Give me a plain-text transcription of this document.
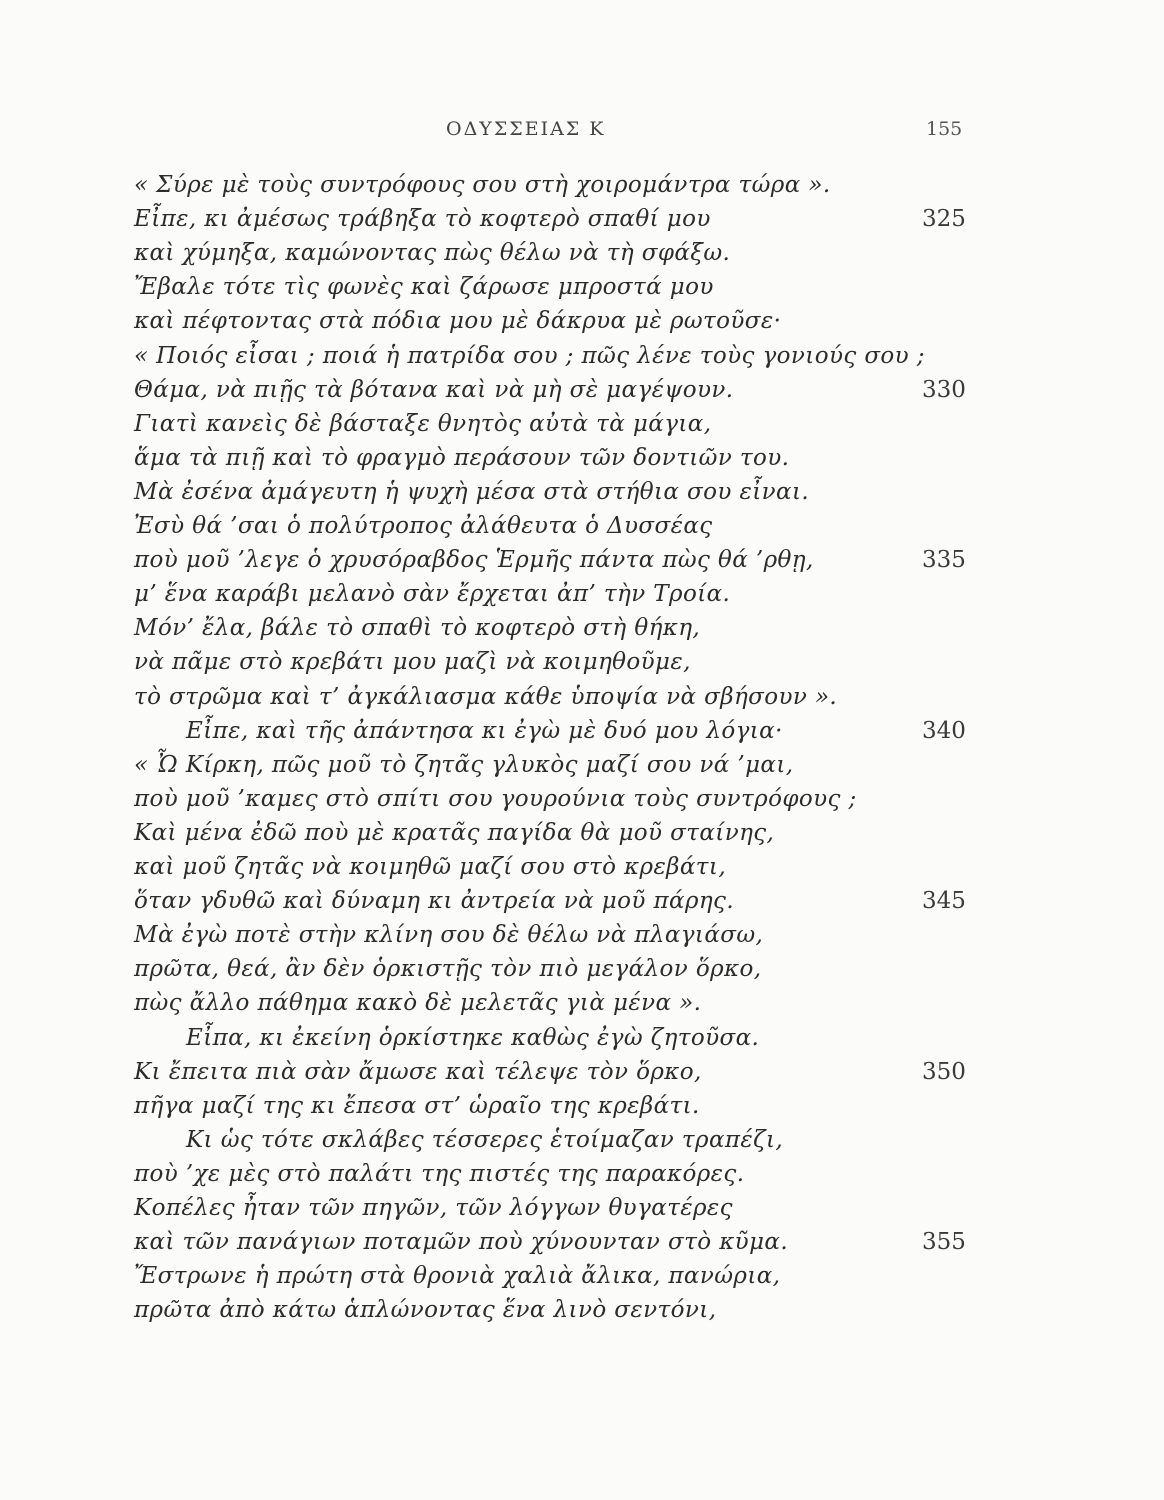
ΟΔΥΣΣΕΙΑΣ Κ	155
« Σύρε μὲ τοὺς συντρόφους σου στὴ χοιρομάντρα τώρα ».
Εἶπε, κι ἀμέσως τράβηξα τὸ κοφτερὸ σπαθί μου	325
καὶ χύμηξα, καμώνοντας πὼς θέλω νὰ τὴ σφάξω.
Ἔβαλε τότε τὶς φωνὲς καὶ ζάρωσε μπροστά μου
καὶ πέφτοντας στὰ πόδια μου μὲ δάκρυα μὲ ρωτοῦσε·
« Ποιός εἶσαι ; ποιά ἡ πατρίδα σου ; πῶς λένε τοὺς γονιούς σου ;
Θάμα, νὰ πιῇς τὰ βότανα καὶ νὰ μὴ σὲ μαγέψουν.	330
Γιατὶ κανεὶς δὲ βάσταξε θνητὸς αὐτὰ τὰ μάγια,
ἅμα τὰ πιῇ καὶ τὸ φραγμὸ περάσουν τῶν δοντιῶν του.
Μὰ ἐσένα ἀμάγευτη ἡ ψυχὴ μέσα στὰ στήθια σου εἶναι.
Ἐσὺ θά ’σαι ὁ πολύτροπος ἀλάθευτα ὁ Δυσσέας
ποὺ μοῦ ’λεγε ὁ χρυσόραβδος Ἑρμῆς πάντα πὼς θά ’ρθῃ,	335
μ’ ἕνα καράβι μελανὸ σὰν ἔρχεται ἀπ’ τὴν Τροία.
Μόν’ ἔλα, βάλε τὸ σπαθὶ τὸ κοφτερὸ στὴ θήκη,
νὰ πᾶμε στὸ κρεβάτι μου μαζὶ νὰ κοιμηθοῦμε,
τὸ στρῶμα καὶ τ’ ἀγκάλιασμα κάθε ὑποψία νὰ σβήσουν ».
Εἶπε, καὶ τῆς ἀπάντησα κι ἐγὼ μὲ δυό μου λόγια·	340
« Ὦ Κίρκη, πῶς μοῦ τὸ ζητᾶς γλυκὸς μαζί σου νά ’μαι,
ποὺ μοῦ ’καμες στὸ σπίτι σου γουρούνια τοὺς συντρόφους ;
Καὶ μένα ἐδῶ ποὺ μὲ κρατᾶς παγίδα θὰ μοῦ σταίνης,
καὶ μοῦ ζητᾶς νὰ κοιμηθῶ μαζί σου στὸ κρεβάτι,
ὅταν γδυθῶ καὶ δύναμη κι ἀντρεία νὰ μοῦ πάρης.	345
Μὰ ἐγὼ ποτὲ στὴν κλίνη σου δὲ θέλω νὰ πλαγιάσω,
πρῶτα, θεά, ἂν δὲν ὁρκιστῇς τὸν πιὸ μεγάλον ὅρκο,
πὼς ἄλλο πάθημα κακὸ δὲ μελετᾶς γιὰ μένα ».
Εἶπα, κι ἐκείνη ὁρκίστηκε καθὼς ἐγὼ ζητοῦσα.
Κι ἔπειτα πιὰ σὰν ἄμωσε καὶ τέλεψε τὸν ὅρκο,	350
πῆγα μαζί της κι ἔπεσα στ’ ὡραῖο της κρεβάτι.
Κι ὡς τότε σκλάβες τέσσερες ἑτοίμαζαν τραπέζι,
ποὺ ’χε μὲς στὸ παλάτι της πιστές της παρακόρες.
Κοπέλες ἦταν τῶν πηγῶν, τῶν λόγγων θυγατέρες
καὶ τῶν πανάγιων ποταμῶν ποὺ χύνουνταν στὸ κῦμα.	355
Ἔστρωνε ἡ πρώτη στὰ θρονιὰ χαλιὰ ἄλικα, πανώρια,
πρῶτα ἀπὸ κάτω ἁπλώνοντας ἕνα λινὸ σεντόνι,
